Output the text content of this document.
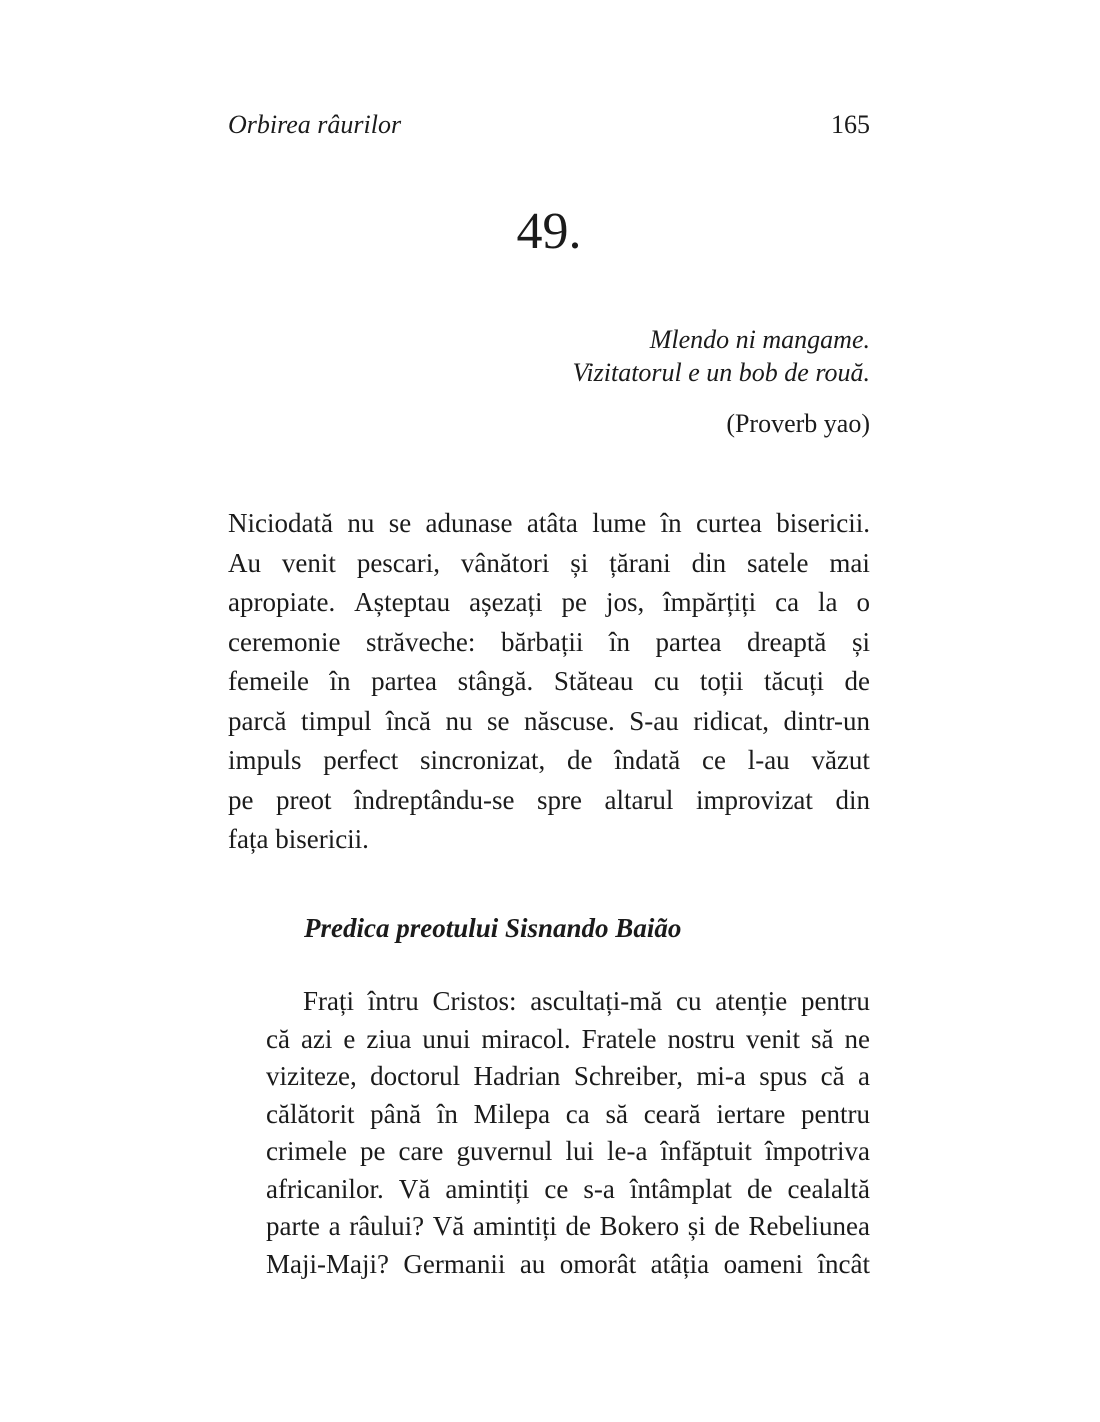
Orbirea râurilor	165
49.
Mlendo ni mangame.
Vizitatorul e un bob de rouă.
(Proverb yao)
Niciodată nu se adunase atâta lume în curtea bisericii.
Au venit pescari, vânători și țărani din satele mai
apropiate. Așteptau așezați pe jos, împărțiți ca la o
ceremonie străveche: bărbații în partea dreaptă și
femeile în partea stângă. Stăteau cu toții tăcuți de
parcă timpul încă nu se născuse. S-au ridicat, dintr-un
impuls perfect sincronizat, de îndată ce l-au văzut
pe preot îndreptându-se spre altarul improvizat din
fața bisericii.
Predica preotului Sisnando Baião
Frați întru Cristos: ascultați-mă cu atenție pentru
că azi e ziua unui miracol. Fratele nostru venit să ne
viziteze, doctorul Hadrian Schreiber, mi-a spus că a
călătorit până în Milepa ca să ceară iertare pentru
crimele pe care guvernul lui le-a înfăptuit împotriva
africanilor. Vă amintiți ce s-a întâmplat de cealaltă
parte a râului? Vă amintiți de Bokero și de Rebeliunea
Maji-Maji? Germanii au omorât atâția oameni încât
